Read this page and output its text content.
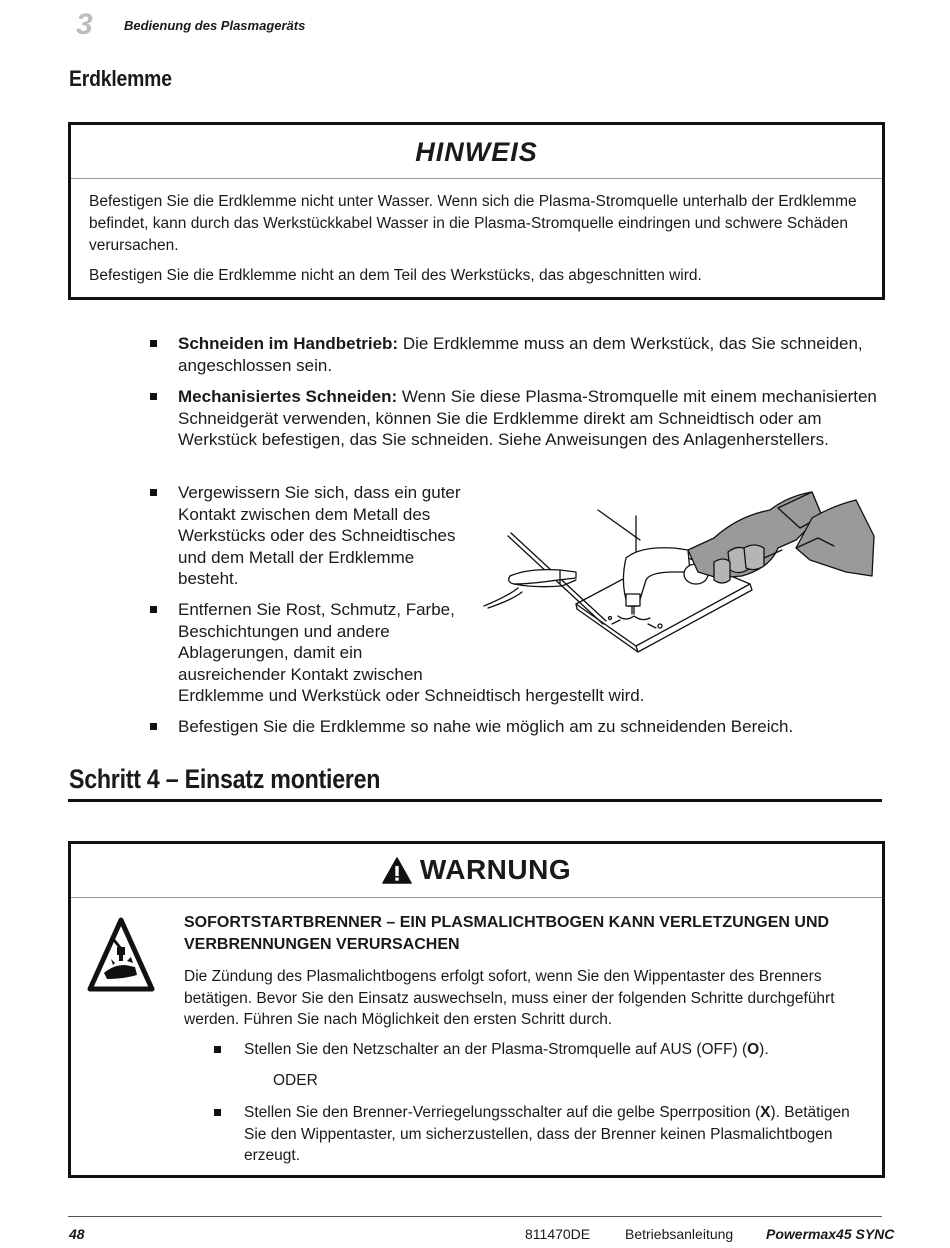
3 Bedienung des Plasmageräts
Erdklemme
HINWEIS

Befestigen Sie die Erdklemme nicht unter Wasser. Wenn sich die Plasma-Stromquelle unterhalb der Erdklemme befindet, kann durch das Werkstückkabel Wasser in die Plasma-Stromquelle eindringen und schwere Schäden verursachen.

Befestigen Sie die Erdklemme nicht an dem Teil des Werkstücks, das abgeschnitten wird.

Schneiden im Handbetrieb: Die Erdklemme muss an dem Werkstück, das Sie schneiden, angeschlossen sein.
Mechanisiertes Schneiden: Wenn Sie diese Plasma-Stromquelle mit einem mechanisierten Schneidgerät verwenden, können Sie die Erdklemme direkt am Schneidtisch oder am Werkstück befestigen, das Sie schneiden. Siehe Anweisungen des Anlagenherstellers.
Vergewissern Sie sich, dass ein guter
Kontakt zwischen dem Metall des
Werkstücks oder des Schneidtisches
und dem Metall der Erdklemme
besteht.
Entfernen Sie Rost, Schmutz, Farbe,
Beschichtungen und andere
Ablagerungen, damit ein
ausreichender Kontakt zwischen
Erdklemme und Werkstück oder Schneidtisch hergestellt wird.
Befestigen Sie die Erdklemme so nahe wie möglich am zu schneidenden Bereich.
Schritt 4 – Einsatz montieren
WARNUNG
SOFORTSTARTBRENNER – EIN PLASMALICHTBOGEN KANN VERLETZUNGEN UND
VERBRENNUNGEN VERURSACHEN

Die Zündung des Plasmalichtbogens erfolgt sofort, wenn Sie den Wippentaster des Brenners betätigen. Bevor Sie den Einsatz auswechseln, muss einer der folgenden Schritte durchgeführt werden. Führen Sie nach Möglichkeit den ersten Schritt durch.

Stellen Sie den Netzschalter an der Plasma-Stromquelle auf AUS (OFF) (O).
ODER
Stellen Sie den Brenner-Verriegelungsschalter auf die gelbe Sperrposition (X). Betätigen Sie den Wippentaster, um sicherzustellen, dass der Brenner keinen Plasmalichtbogen erzeugt.
48	811470DE Betriebsanleitung Powermax45 SYNC
